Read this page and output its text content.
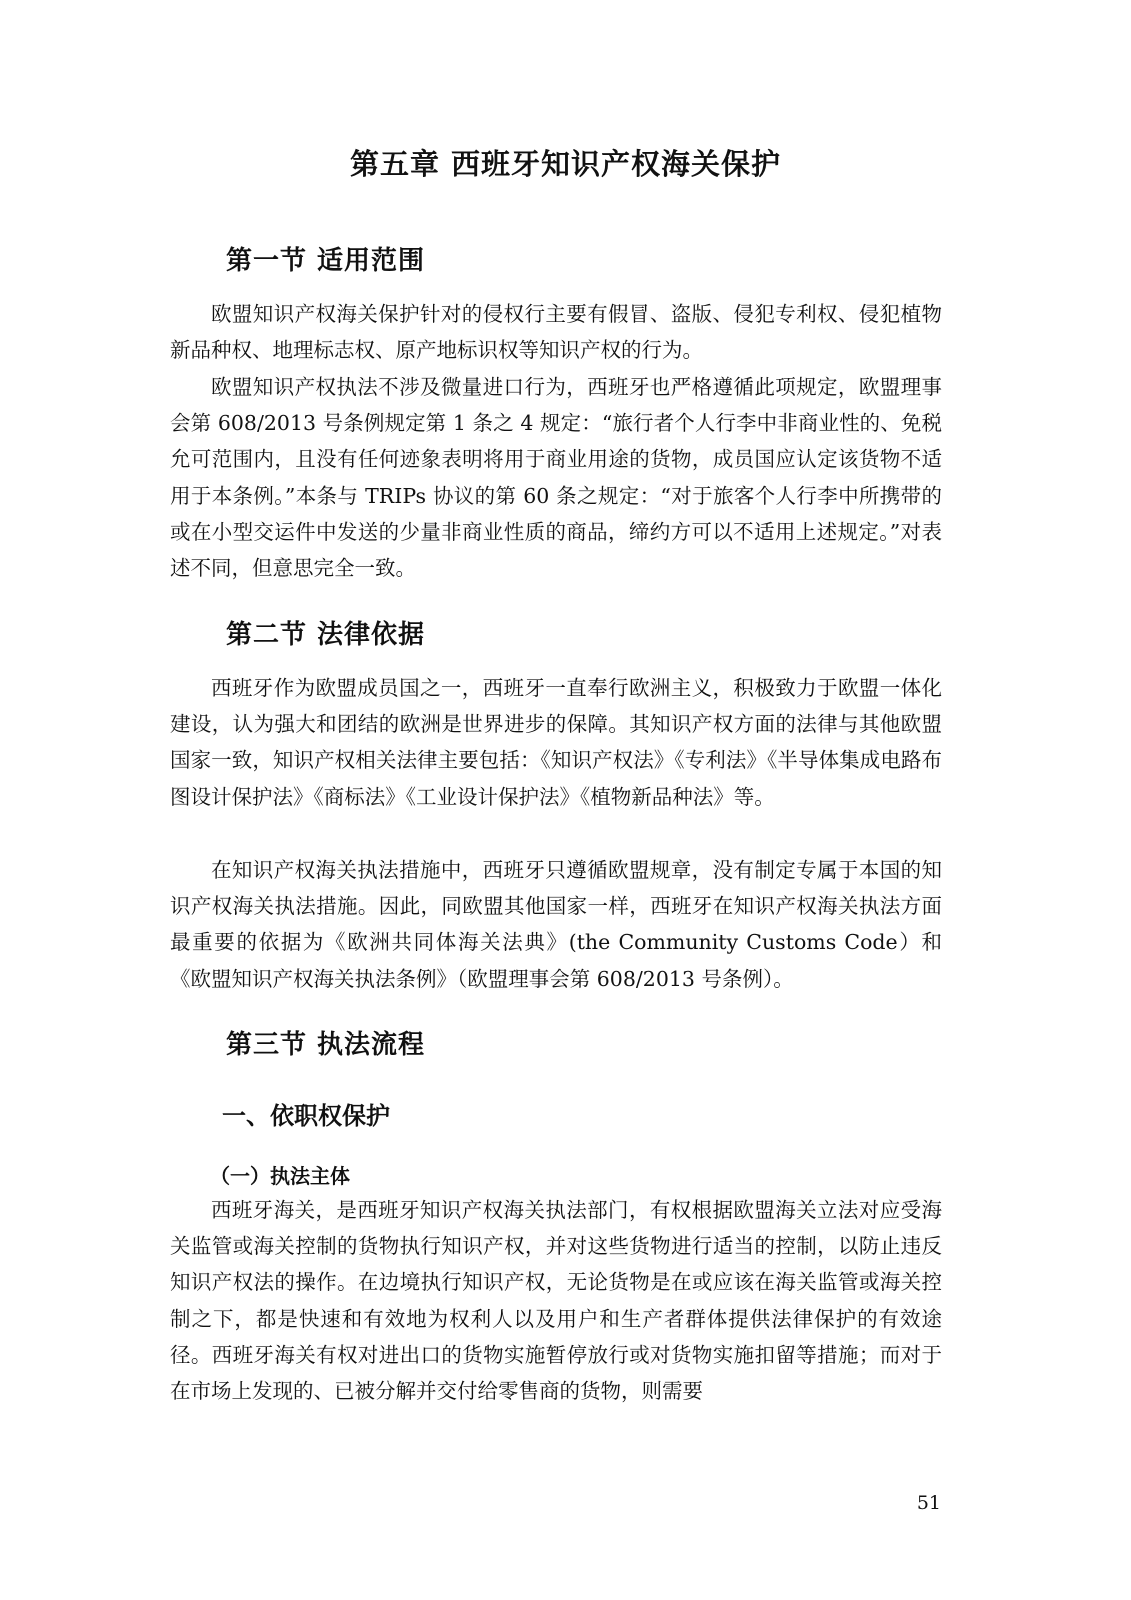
第五章 西班牙知识产权海关保护
第一节 适用范围

欧盟知识产权海关保护针对的侵权行主要有假冒、盗版、侵犯专利权、侵犯植物新品种权、地理标志权、原产地标识权等知识产权的行为。

欧盟知识产权执法不涉及微量进口行为，西班牙也严格遵循此项规定，欧盟理事会第 608/2013 号条例规定第 1 条之 4 规定：“旅行者个人行李中非商业性的、免税允可范围内，且没有任何迹象表明将用于商业用途的货物，成员国应认定该货物不适用于本条例。”本条与 TRIPs 协议的第 60 条之规定：“对于旅客个人行李中所携带的或在小型交运件中发送的少量非商业性质的商品，缔约方可以不适用上述规定。”对表述不同，但意思完全一致。

第二节 法律依据

西班牙作为欧盟成员国之一，西班牙一直奉行欧洲主义，积极致力于欧盟一体化建设，认为强大和团结的欧洲是世界进步的保障。其知识产权方面的法律与其他欧盟国家一致，知识产权相关法律主要包括：《知识产权法》《专利法》《半导体集成电路布图设计保护法》《商标法》《工业设计保护法》《植物新品种法》等。

在知识产权海关执法措施中，西班牙只遵循欧盟规章，没有制定专属于本国的知识产权海关执法措施。因此，同欧盟其他国家一样，西班牙在知识产权海关执法方面最重要的依据为《欧洲共同体海关法典》(the Community Customs Code）和《欧盟知识产权海关执法条例》（欧盟理事会第 608/2013 号条例）。

第三节 执法流程
一、依职权保护
（一）执法主体

西班牙海关，是西班牙知识产权海关执法部门，有权根据欧盟海关立法对应受海关监管或海关控制的货物执行知识产权，并对这些货物进行适当的控制，以防止违反知识产权法的操作。在边境执行知识产权，无论货物是在或应该在海关监管或海关控制之下，都是快速和有效地为权利人以及用户和生产者群体提供法律保护的有效途径。西班牙海关有权对进出口的货物实施暂停放行或对货物实施扣留等措施；而对于在市场上发现的、已被分解并交付给零售商的货物，则需要

51
